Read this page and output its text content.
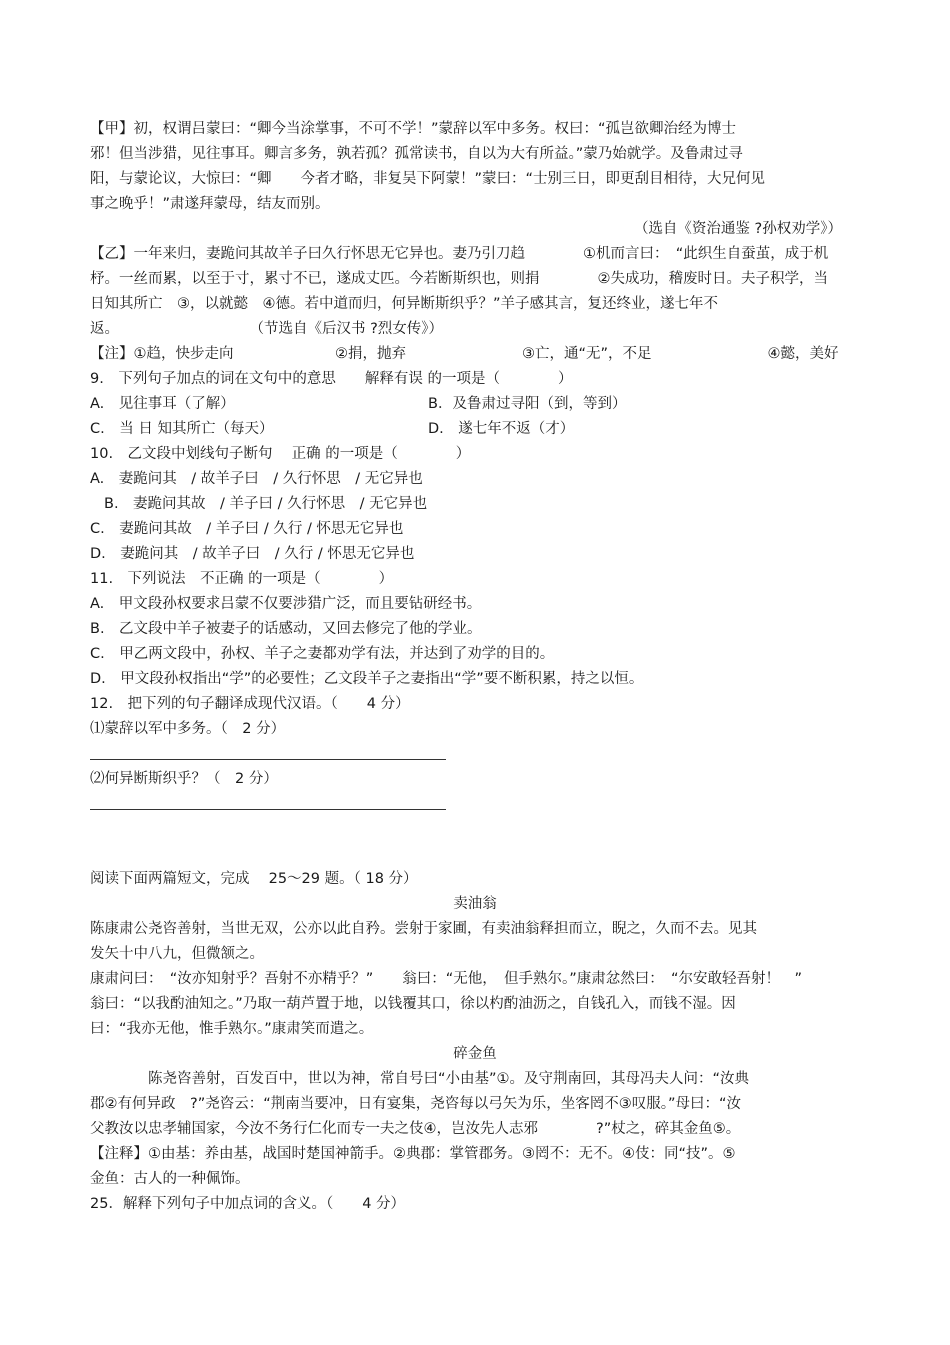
【甲】初，权谓吕蒙曰：“卿今当涂掌事，不可不学！”蒙辞以军中多务。权曰：“孤岂欲卿治经为博士
邪！但当涉猎，见往事耳。卿言多务，孰若孤？孤常读书，自以为大有所益。”蒙乃始就学。及鲁肃过寻
阳，与蒙论议，大惊曰：“卿　　今者才略，非复吴下阿蒙！”蒙曰：“士别三日，即更刮目相待，大兄何见
事之晚乎！”肃遂拜蒙母，结友而别。
（选自《资治通鉴 ?孙权劝学》）
【乙】一年来归，妻跪问其故羊子曰久行怀思无它异也。妻乃引刀趋　　　　①机而言曰：　“此织生自蚕茧，成于机
杼。一丝而累，以至于寸，累寸不已，遂成丈匹。今若断斯织也，则捐　　　　②失成功，稽废时日。夫子积学，当
日知其所亡　③，以就懿　④德。若中道而归，何异断斯织乎？”羊子感其言，复还终业，遂七年不
返。　　　　　　　　　　（节选自《后汉书 ?烈女传》）
【注】①趋，快步走向　　　　　　　②捐，抛弃　　　　　　　　③亡，通“无”，不足　　　　　　　　④懿，美好
9.　下列句子加点的词在文句中的意思　　解释有误 的一项是（　　　　）
A.　见往事耳（了解）	B．及鲁肃过寻阳（到，等到）
C.　当 日 知其所亡（每天）	D.　遂七年不返（才）
10.　乙文段中划线句子断句　 正确 的一项是（　　　　）
A.　妻跪问其　/ 故羊子曰　/ 久行怀思　/ 无它异也
B.　妻跪问其故　/ 羊子曰 / 久行怀思　/ 无它异也
C.　妻跪问其故　/ 羊子曰 / 久行 / 怀思无它异也
D.　妻跪问其　/ 故羊子曰　/ 久行 / 怀思无它异也
11.　下列说法　不正确 的一项是（　　　　）
A.　甲文段孙权要求吕蒙不仅要涉猎广泛，而且要钻研经书。
B.　乙文段中羊子被妻子的话感动，又回去修完了他的学业。
C.　甲乙两文段中，孙权、羊子之妻都劝学有法，并达到了劝学的目的。
D.　甲文段孙权指出“学”的必要性；乙文段羊子之妻指出“学”要不断积累，持之以恒。
12.　把下列的句子翻译成现代汉语。（　　4 分）
⑴蒙辞以军中多务。（　2 分）
⑵何异断斯织乎？（　2 分）
阅读下面两篇短文，完成　 25～29 题。（ 18 分）
卖油翁
陈康肃公尧咨善射，当世无双，公亦以此自矜。尝射于家圃，有卖油翁释担而立，睨之，久而不去。见其
发矢十中八九，但微颔之。
康肃问曰：　“汝亦知射乎？吾射不亦精乎？”　　翁曰：“无他，　但手熟尔。”康肃忿然曰：　“尔安敢轻吾射！　”
翁曰：“以我酌油知之。”乃取一葫芦置于地，以钱覆其口，徐以杓酌油沥之，自钱孔入，而钱不湿。因
曰：“我亦无他，惟手熟尔。”康肃笑而遣之。
碎金鱼
陈尧咨善射，百发百中，世以为神，常自号曰“小由基”①。及守荆南回，其母冯夫人问：“汝典
郡②有何异政　?”尧咨云：“荆南当要冲，日有宴集，尧咨每以弓矢为乐，坐客罔不③叹服。”母曰：“汝
父教汝以忠孝辅国家，今汝不务行仁化而专一夫之伎④，岂汝先人志邪　　　　?”杖之，碎其金鱼⑤。
【注释】①由基：养由基，战国时楚国神箭手。②典郡：掌管郡务。③罔不：无不。④伎：同“技”。⑤
金鱼：古人的一种佩饰。
25．解释下列句子中加点词的含义。（　　4 分）
